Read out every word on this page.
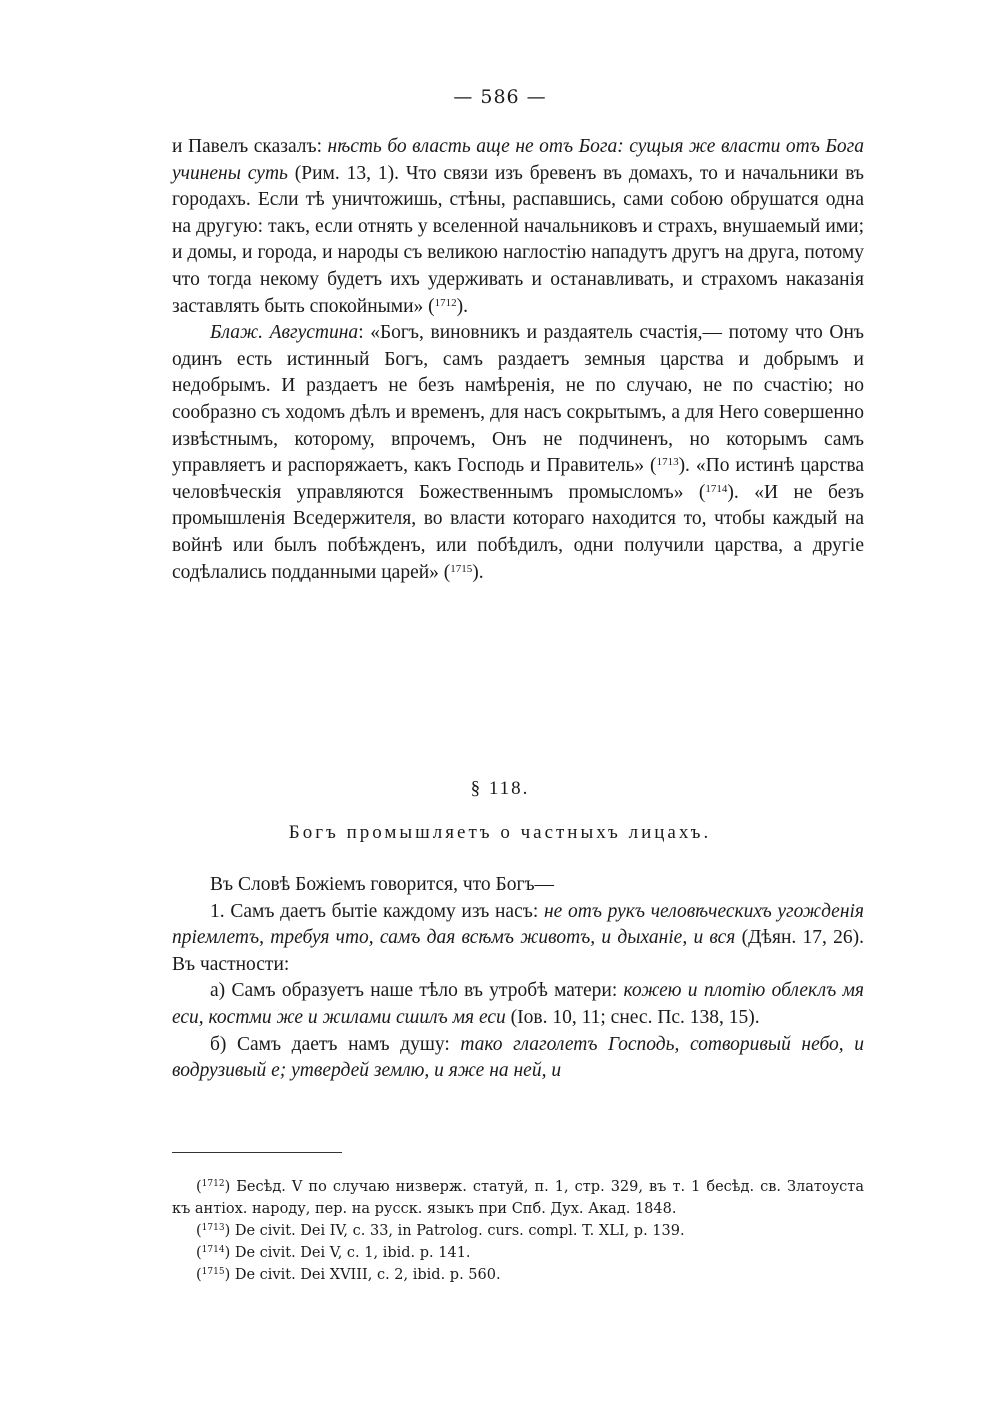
— 586 —

и Павелъ сказалъ: нѣсть бо власть аще не отъ Бога: сущыя же власти отъ Бога учинены суть (Рим. 13, 1). Что связи изъ бревенъ въ домахъ, то и начальники въ городахъ. Если тѣ уничтожишь, стѣны, распавшись, сами собою обрушатся одна на другую: такъ, если отнять у вселенной начальниковъ и страхъ, внушаемый ими; и домы, и города, и народы съ великою наглостію нападутъ другъ на друга, потому что тогда некому будетъ ихъ удерживать и останавливать, и страхомъ наказанія заставлять быть спокойными» ($^{1712}$).

Блаж. Августина: «Богъ, виновникъ и раздаятель счастія,— потому что Онъ одинъ есть истинный Богъ, самъ раздаетъ земныя царства и добрымъ и недобрымъ. И раздаетъ не безъ намѣренія, не по случаю, не по счастію; но сообразно съ ходомъ дѣлъ и временъ, для насъ сокрытымъ, а для Него совершенно извѣстнымъ, которому, впрочемъ, Онъ не подчиненъ, но которымъ самъ управляетъ и распоряжаетъ, какъ Господь и Правитель» ($^{1713}$). «По истинѣ царства человѣческія управляются Божественнымъ промысломъ» ($^{1714}$). «И не безъ промышленія Вседержителя, во власти котораго находится то, чтобы каждый на войнѣ или былъ побѣжденъ, или побѣдилъ, одни получили царства, а другіе содѣлались подданными царей» ($^{1715}$).

§ 118.
Богъ промышляетъ о частныхъ лицахъ.

Въ Словѣ Божіемъ говорится, что Богъ—

1. Самъ даетъ бытіе каждому изъ насъ: не отъ рукъ человѣческихъ угожденія пріемлетъ, требуя что, самъ дая всѣмъ животъ, и дыханіе, и вся (Дѣян. 17, 26). Въ частности:

а) Самъ образуетъ наше тѣло въ утробѣ матери: кожею и плотію облеклъ мя еси, костми же и жилами сшилъ мя еси (Іов. 10, 11; снес. Пс. 138, 15).

б) Самъ даетъ намъ душу: тако глаголетъ Господь, сотворивый небо, и водрузивый е; утвердей землю, и яже на ней, и

($^{1712}$) Бесѣд. V по случаю низверж. статуй, п. 1, стр. 329, въ т. 1 бесѣд. св. Златоуста къ антіох. народу, пер. на русск. языкъ при Спб. Дух. Акад. 1848.

($^{1713}$) De civit. Dei IV, c. 33, in Patrolog. curs. compl. T. XLI, p. 139.

($^{1714}$) De civit. Dei V, c. 1, ibid. p. 141.

($^{1715}$) De civit. Dei XVIII, c. 2, ibid. p. 560.
